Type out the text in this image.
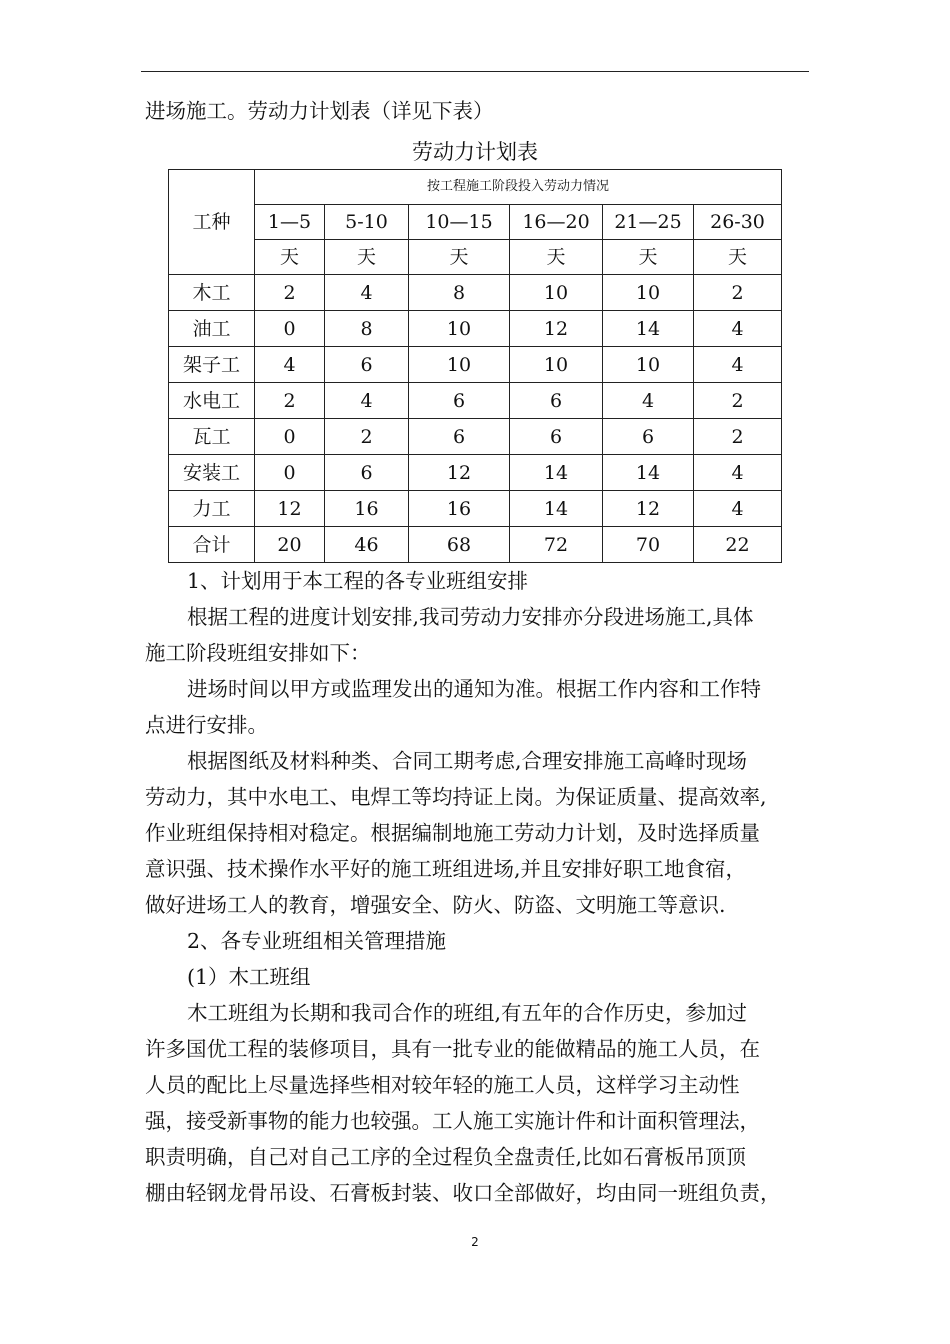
进场施工。劳动力计划表（详见下表）
劳动力计划表
工种	按工程施工阶段投入劳动力情况					
	1—5	5-10	10—15	16—20	21—25	26-30
	天	天	天	天	天	天
木工	2	4	8	10	10	2
油工	0	8	10	12	14	4
架子工	4	6	10	10	10	4
水电工	2	4	6	6	4	2
瓦工	0	2	6	6	6	2
安装工	0	6	12	14	14	4
力工	12	16	16	14	12	4
合计	20	46	68	72	70	22
1、计划用于本工程的各专业班组安排
根据工程的进度计划安排,我司劳动力安排亦分段进场施工,具体
施工阶段班组安排如下：
进场时间以甲方或监理发出的通知为准。根据工作内容和工作特
点进行安排。
根据图纸及材料种类、合同工期考虑,合理安排施工高峰时现场
劳动力，其中水电工、电焊工等均持证上岗。为保证质量、提高效率,
作业班组保持相对稳定。根据编制地施工劳动力计划，及时选择质量
意识强、技术操作水平好的施工班组进场,并且安排好职工地食宿，
做好进场工人的教育，增强安全、防火、防盗、文明施工等意识.
2、各专业班组相关管理措施
(1）木工班组
木工班组为长期和我司合作的班组,有五年的合作历史，参加过
许多国优工程的装修项目，具有一批专业的能做精品的施工人员，在
人员的配比上尽量选择些相对较年轻的施工人员，这样学习主动性
强，接受新事物的能力也较强。工人施工实施计件和计面积管理法，
职责明确，自己对自己工序的全过程负全盘责任,比如石膏板吊顶顶
棚由轻钢龙骨吊设、石膏板封装、收口全部做好，均由同一班组负责，
2
